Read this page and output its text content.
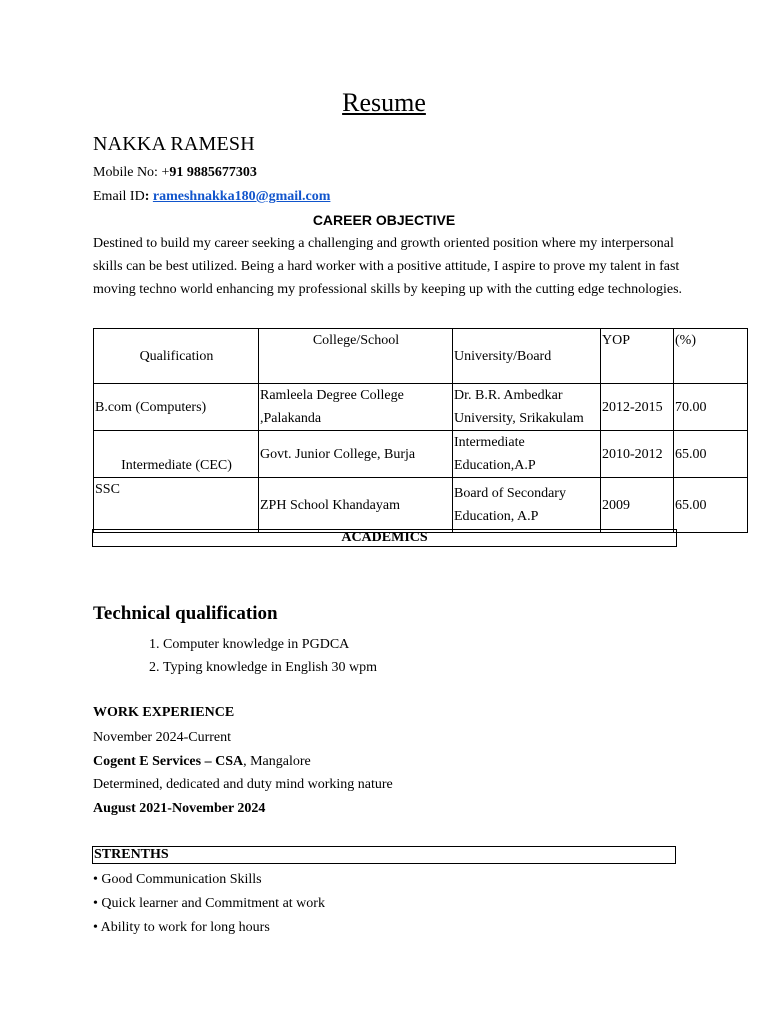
Resume
NAKKA RAMESH
Mobile No: +91 9885677303
Email ID: rameshnakka180@gmail.com
CAREER OBJECTIVE
Destined to build my career seeking a challenging and growth oriented position where my interpersonal skills can be best utilized. Being a hard worker with a positive attitude, I aspire to prove my talent in fast moving techno world enhancing my professional skills by keeping up with the cutting edge technologies.
Qualification	College/School	University/Board	YOP	(%)
B.com (Computers)	Ramleela Degree College ,Palakanda	Dr. B.R. Ambedkar University, Srikakulam	2012-2015	70.00
Intermediate (CEC)	Govt. Junior College, Burja	Intermediate Education,A.P	2010-2012	65.00
SSC	ZPH School Khandayam	Board of Secondary Education, A.P	2009	65.00
ACADEMICS
Technical qualification
1. Computer knowledge in PGDCA
2. Typing knowledge in English 30 wpm
WORK EXPERIENCE
November 2024-Current
Cogent E Services – CSA, Mangalore
Determined, dedicated and duty mind working nature
August 2021-November 2024
STRENTHS
• Good Communication Skills
• Quick learner and Commitment at work
• Ability to work for long hours
